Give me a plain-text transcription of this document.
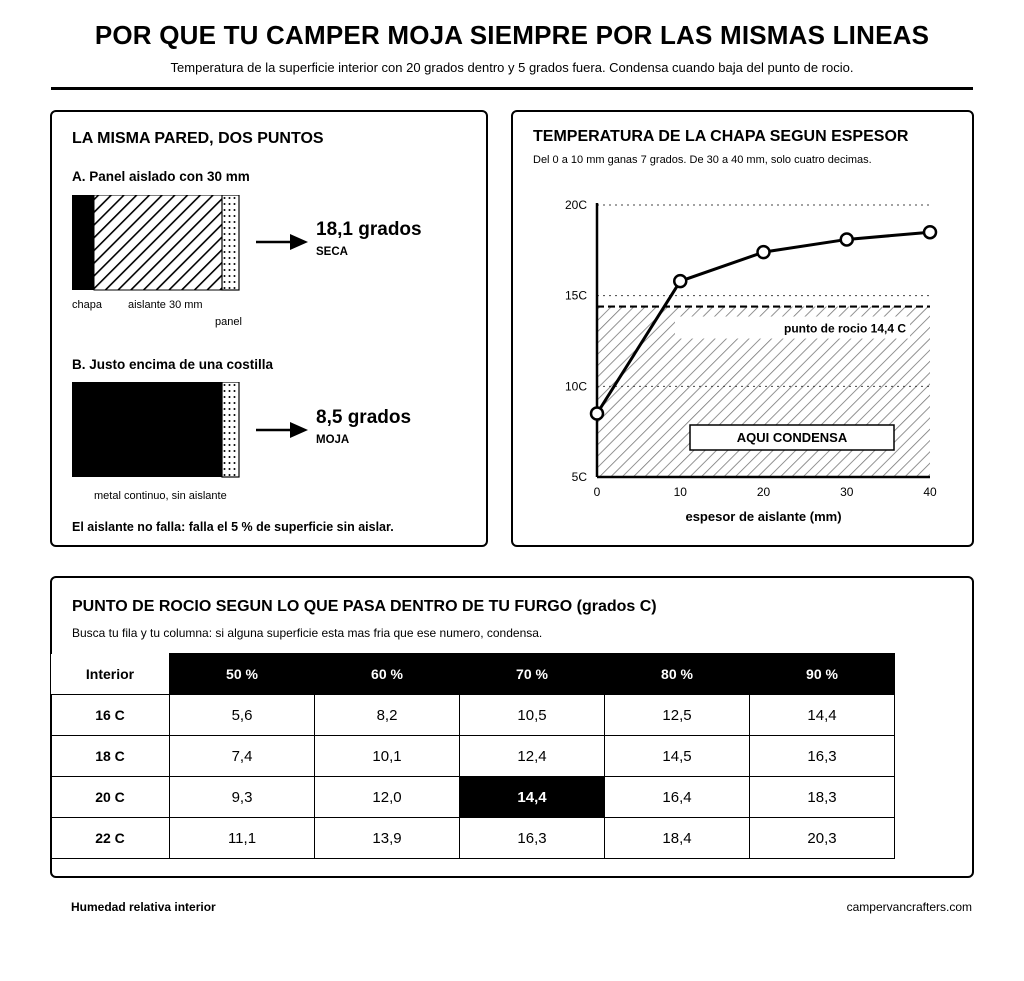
POR QUE TU CAMPER MOJA SIEMPRE POR LAS MISMAS LINEAS
Temperatura de la superficie interior con 20 grados dentro y 5 grados fuera. Condensa cuando baja del punto de rocio.
LA MISMA PARED, DOS PUNTOS
A. Panel aislado con 30 mm
chapa aislante 30 mm
panel
18,1 grados
SECA
B. Justo encima de una costilla
metal continuo, sin aislante
8,5 grados
MOJA
El aislante no falla: falla el 5 % de superficie sin aislar.
TEMPERATURA DE LA CHAPA SEGUN ESPESOR
Del 0 a 10 mm ganas 7 grados. De 30 a 40 mm, solo cuatro decimas.
5C
10C
15C
20C
punto de rocio 14,4 C
AQUI CONDENSA
0	10	20	30	40
espesor de aislante (mm)
PUNTO DE ROCIO SEGUN LO QUE PASA DENTRO DE TU FURGO (grados C)
Busca tu fila y tu columna: si alguna superficie esta mas fria que ese numero, condensa.
Interior	50 %	60 %	70 %	80 %	90 %
16 C	5,6	8,2	10,5	12,5	14,4
18 C	7,4	10,1	12,4	14,5	16,3
20 C	9,3	12,0	14,4	16,4	18,3
22 C	11,1	13,9	16,3	18,4	20,3
Humedad relativa interior	campervancrafters.com
